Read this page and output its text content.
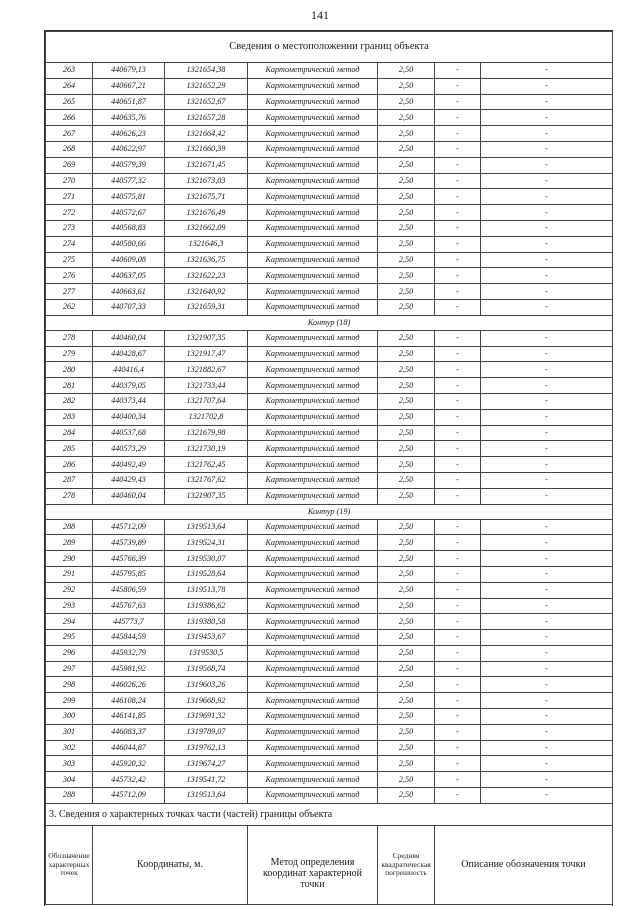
141
Сведения о местоположении границ объекта						
263	440679,13	1321654,38	Картометрический метод	2,50	-	-
264	440667,21	1321652,29	Картометрический метод	2,50	-	-
265	440651,87	1321652,67	Картометрический метод	2,50	-	-
266	440635,76	1321657,28	Картометрический метод	2,50	-	-
267	440626,23	1321664,42	Картометрический метод	2,50	-	-
268	440622,97	1321660,39	Картометрический метод	2,50	-	-
269	440579,39	1321671,45	Картометрический метод	2,50	-	-
270	440577,32	1321673,03	Картометрический метод	2,50	-	-
271	440575,81	1321675,71	Картометрический метод	2,50	-	-
272	440572,67	1321676,49	Картометрический метод	2,50	-	-
273	440568,83	1321662,09	Картометрический метод	2,50	-	-
274	440580,66	1321646,3	Картометрический метод	2,50	-	-
275	440609,08	1321636,75	Картометрический метод	2,50	-	-
276	440637,05	1321622,23	Картометрический метод	2,50	-	-
277	440663,61	1321640,92	Картометрический метод	2,50	-	-
262	440707,33	1321659,31	Картометрический метод	2,50	-	-
Контур (18)						
278	440460,04	1321907,35	Картометрический метод	2,50	-	-
279	440428,67	1321917,47	Картометрический метод	2,50	-	-
280	440416,4	1321882,67	Картометрический метод	2,50	-	-
281	440379,05	1321733,44	Картометрический метод	2,50	-	-
282	440373,44	1321707,64	Картометрический метод	2,50	-	-
283	440400,34	1321702,8	Картометрический метод	2,50	-	-
284	440537,68	1321679,98	Картометрический метод	2,50	-	-
285	440573,29	1321730,19	Картометрический метод	2,50	-	-
286	440492,49	1321762,45	Картометрический метод	2,50	-	-
287	440429,43	1321767,62	Картометрический метод	2,50	-	-
278	440460,04	1321907,35	Картометрический метод	2,50	-	-
Контур (19)						
288	445712,09	1319513,64	Картометрический метод	2,50	-	-
289	445739,89	1319524,31	Картометрический метод	2,50	-	-
290	445766,39	1319530,07	Картометрический метод	2,50	-	-
291	445795,85	1319528,64	Картометрический метод	2,50	-	-
292	445806,59	1319513,78	Картометрический метод	2,50	-	-
293	445767,63	1319386,62	Картометрический метод	2,50	-	-
294	445773,7	1319380,58	Картометрический метод	2,50	-	-
295	445844,59	1319453,67	Картометрический метод	2,50	-	-
296	445932,79	1319530,5	Картометрический метод	2,50	-	-
297	445981,92	1319568,74	Картометрический метод	2,50	-	-
298	446026,26	1319603,26	Картометрический метод	2,50	-	-
299	446108,24	1319668,92	Картометрический метод	2,50	-	-
300	446141,85	1319691,32	Картометрический метод	2,50	-	-
301	446083,37	1319789,07	Картометрический метод	2,50	-	-
302	446044,87	1319762,13	Картометрический метод	2,50	-	-
303	445920,32	1319674,27	Картометрический метод	2,50	-	-
304	445732,42	1319541,72	Картометрический метод	2,50	-	-
288	445712,09	1319513,64	Картометрический метод	2,50	-	-
3. Сведения о характерных точках части (частей) границы объекта						
Обозначение характерных точек	Координаты, м.		Метод определения координат характерной точки	Средняя квадратическая погрешность	Описание обозначения точки	
